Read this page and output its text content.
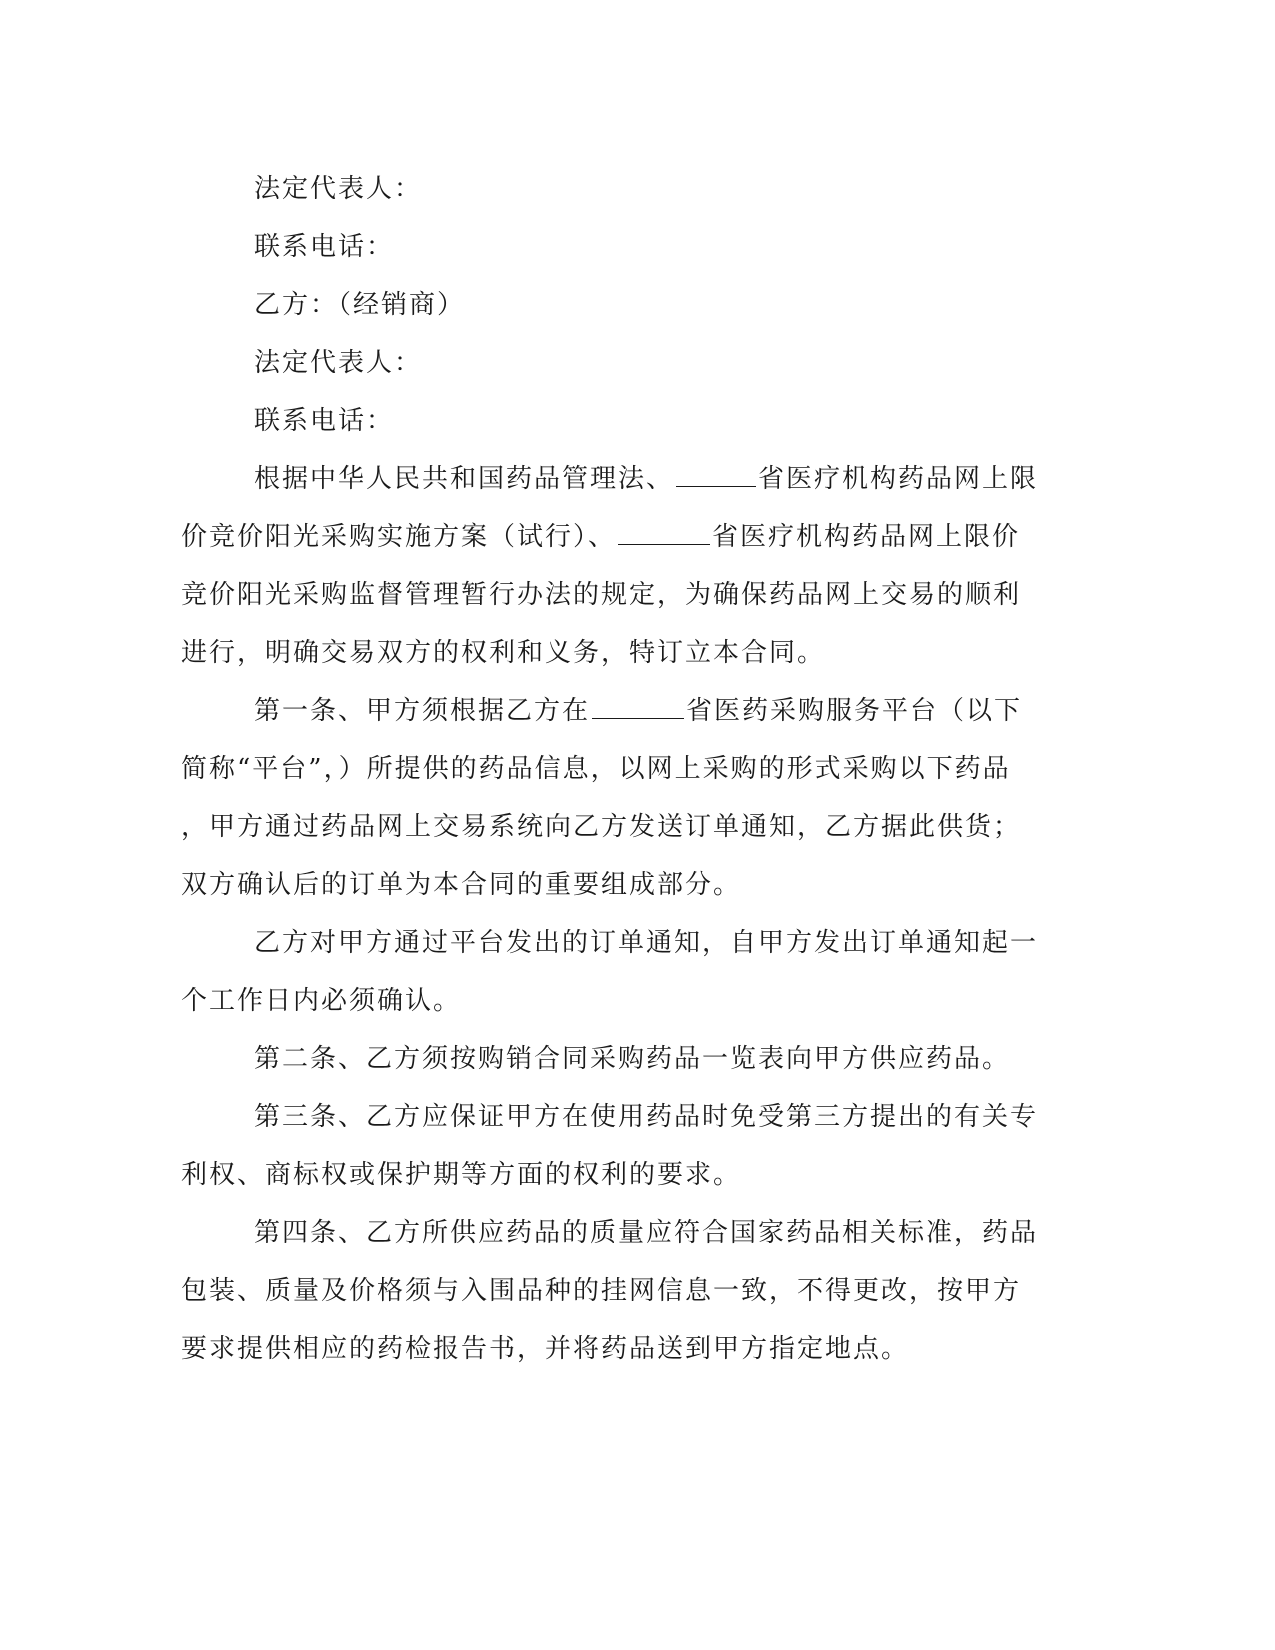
法定代表人：
联系电话：
乙方：（经销商）
法定代表人：
联系电话：
根据中华人民共和国药品管理法、	省医疗机构药品网上限
价竞价阳光采购实施方案（试行）、	省医疗机构药品网上限价
竞价阳光采购监督管理暂行办法的规定，为确保药品网上交易的顺利
进行，明确交易双方的权利和义务，特订立本合同。
第一条、甲方须根据乙方在	省医药采购服务平台（以下
简称“平台”，）所提供的药品信息，以网上采购的形式采购以下药品
，甲方通过药品网上交易系统向乙方发送订单通知，乙方据此供货；
双方确认后的订单为本合同的重要组成部分。
乙方对甲方通过平台发出的订单通知，自甲方发出订单通知起一
个工作日内必须确认。
第二条、乙方须按购销合同采购药品一览表向甲方供应药品。
第三条、乙方应保证甲方在使用药品时免受第三方提出的有关专
利权、商标权或保护期等方面的权利的要求。
第四条、乙方所供应药品的质量应符合国家药品相关标准，药品
包装、质量及价格须与入围品种的挂网信息一致，不得更改，按甲方
要求提供相应的药检报告书，并将药品送到甲方指定地点。
